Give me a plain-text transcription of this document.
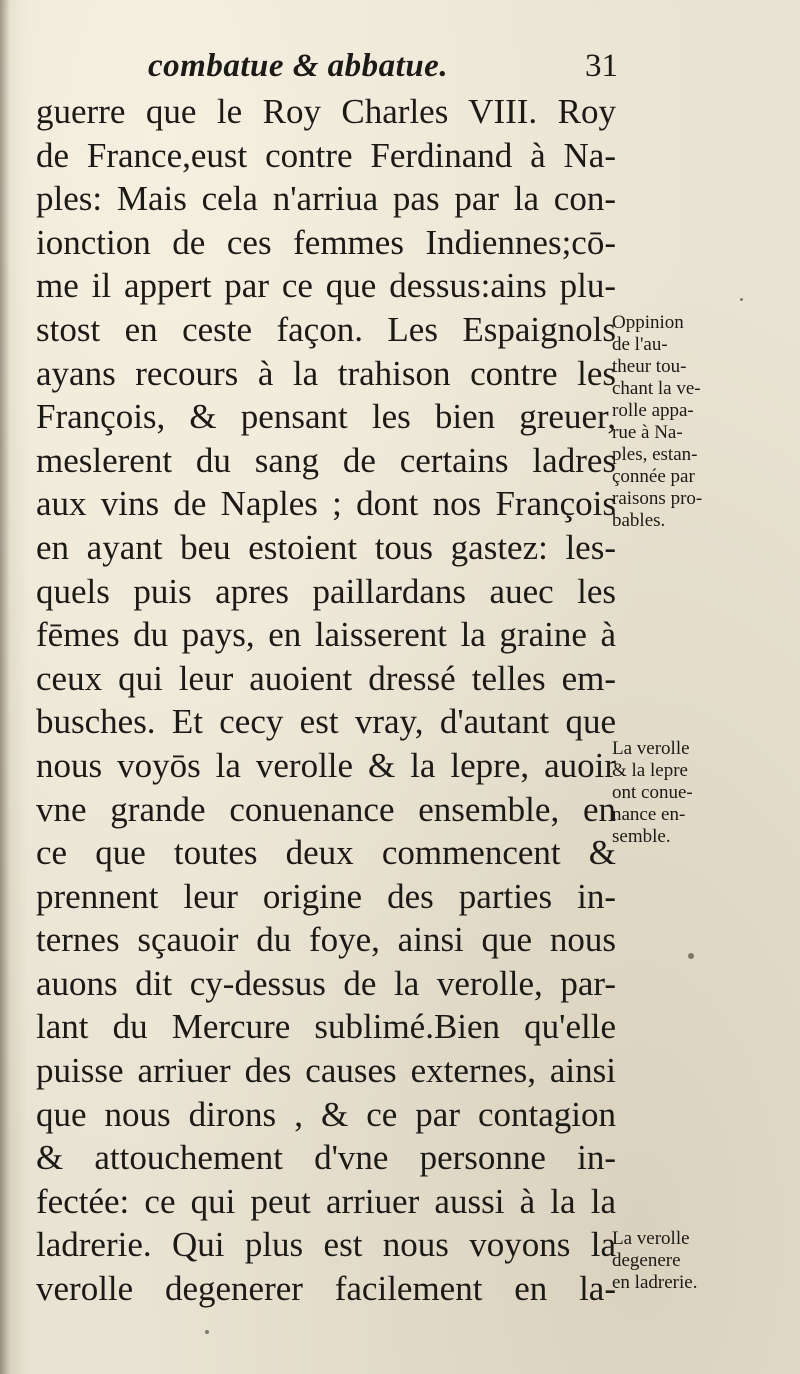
combatue & abbatue.	31
guerre que le Roy Charles VIII. Roy
de France,eust contre Ferdinand à Na-
ples: Mais cela n'arriua pas par la con-
ionction de ces femmes Indiennes;cō-
me il appert par ce que dessus:ains plu-
stost en ceste façon. Les Espaignols
ayans recours à la trahison contre les
François, & pensant les bien greuer,
meslerent du sang de certains ladres
aux vins de Naples ; dont nos François
en ayant beu estoient tous gastez: les-
quels puis apres paillardans auec les
fēmes du pays, en laisserent la graine à
ceux qui leur auoient dressé telles em-
busches. Et cecy est vray, d'autant que
nous voyōs la verolle & la lepre, auoir
vne grande conuenance ensemble, en
ce que toutes deux commencent &
prennent leur origine des parties in-
ternes sçauoir du foye, ainsi que nous
auons dit cy-dessus de la verolle, par-
lant du Mercure sublimé.Bien qu'elle
puisse arriuer des causes externes, ainsi
que nous dirons , & ce par contagion
& attouchement d'vne personne in-
fectée: ce qui peut arriuer aussi à la la
ladrerie. Qui plus est nous voyons la
verolle degenerer facilement en la-
Oppinion
de l'au-
theur tou-
chant la ve-
rolle appa-
rue à Na-
ples, estan-
çonnée par
raisons pro-
bables.
La verolle
& la lepre
ont conue-
nance en-
semble.
La verolle
degenere
en ladrerie.
